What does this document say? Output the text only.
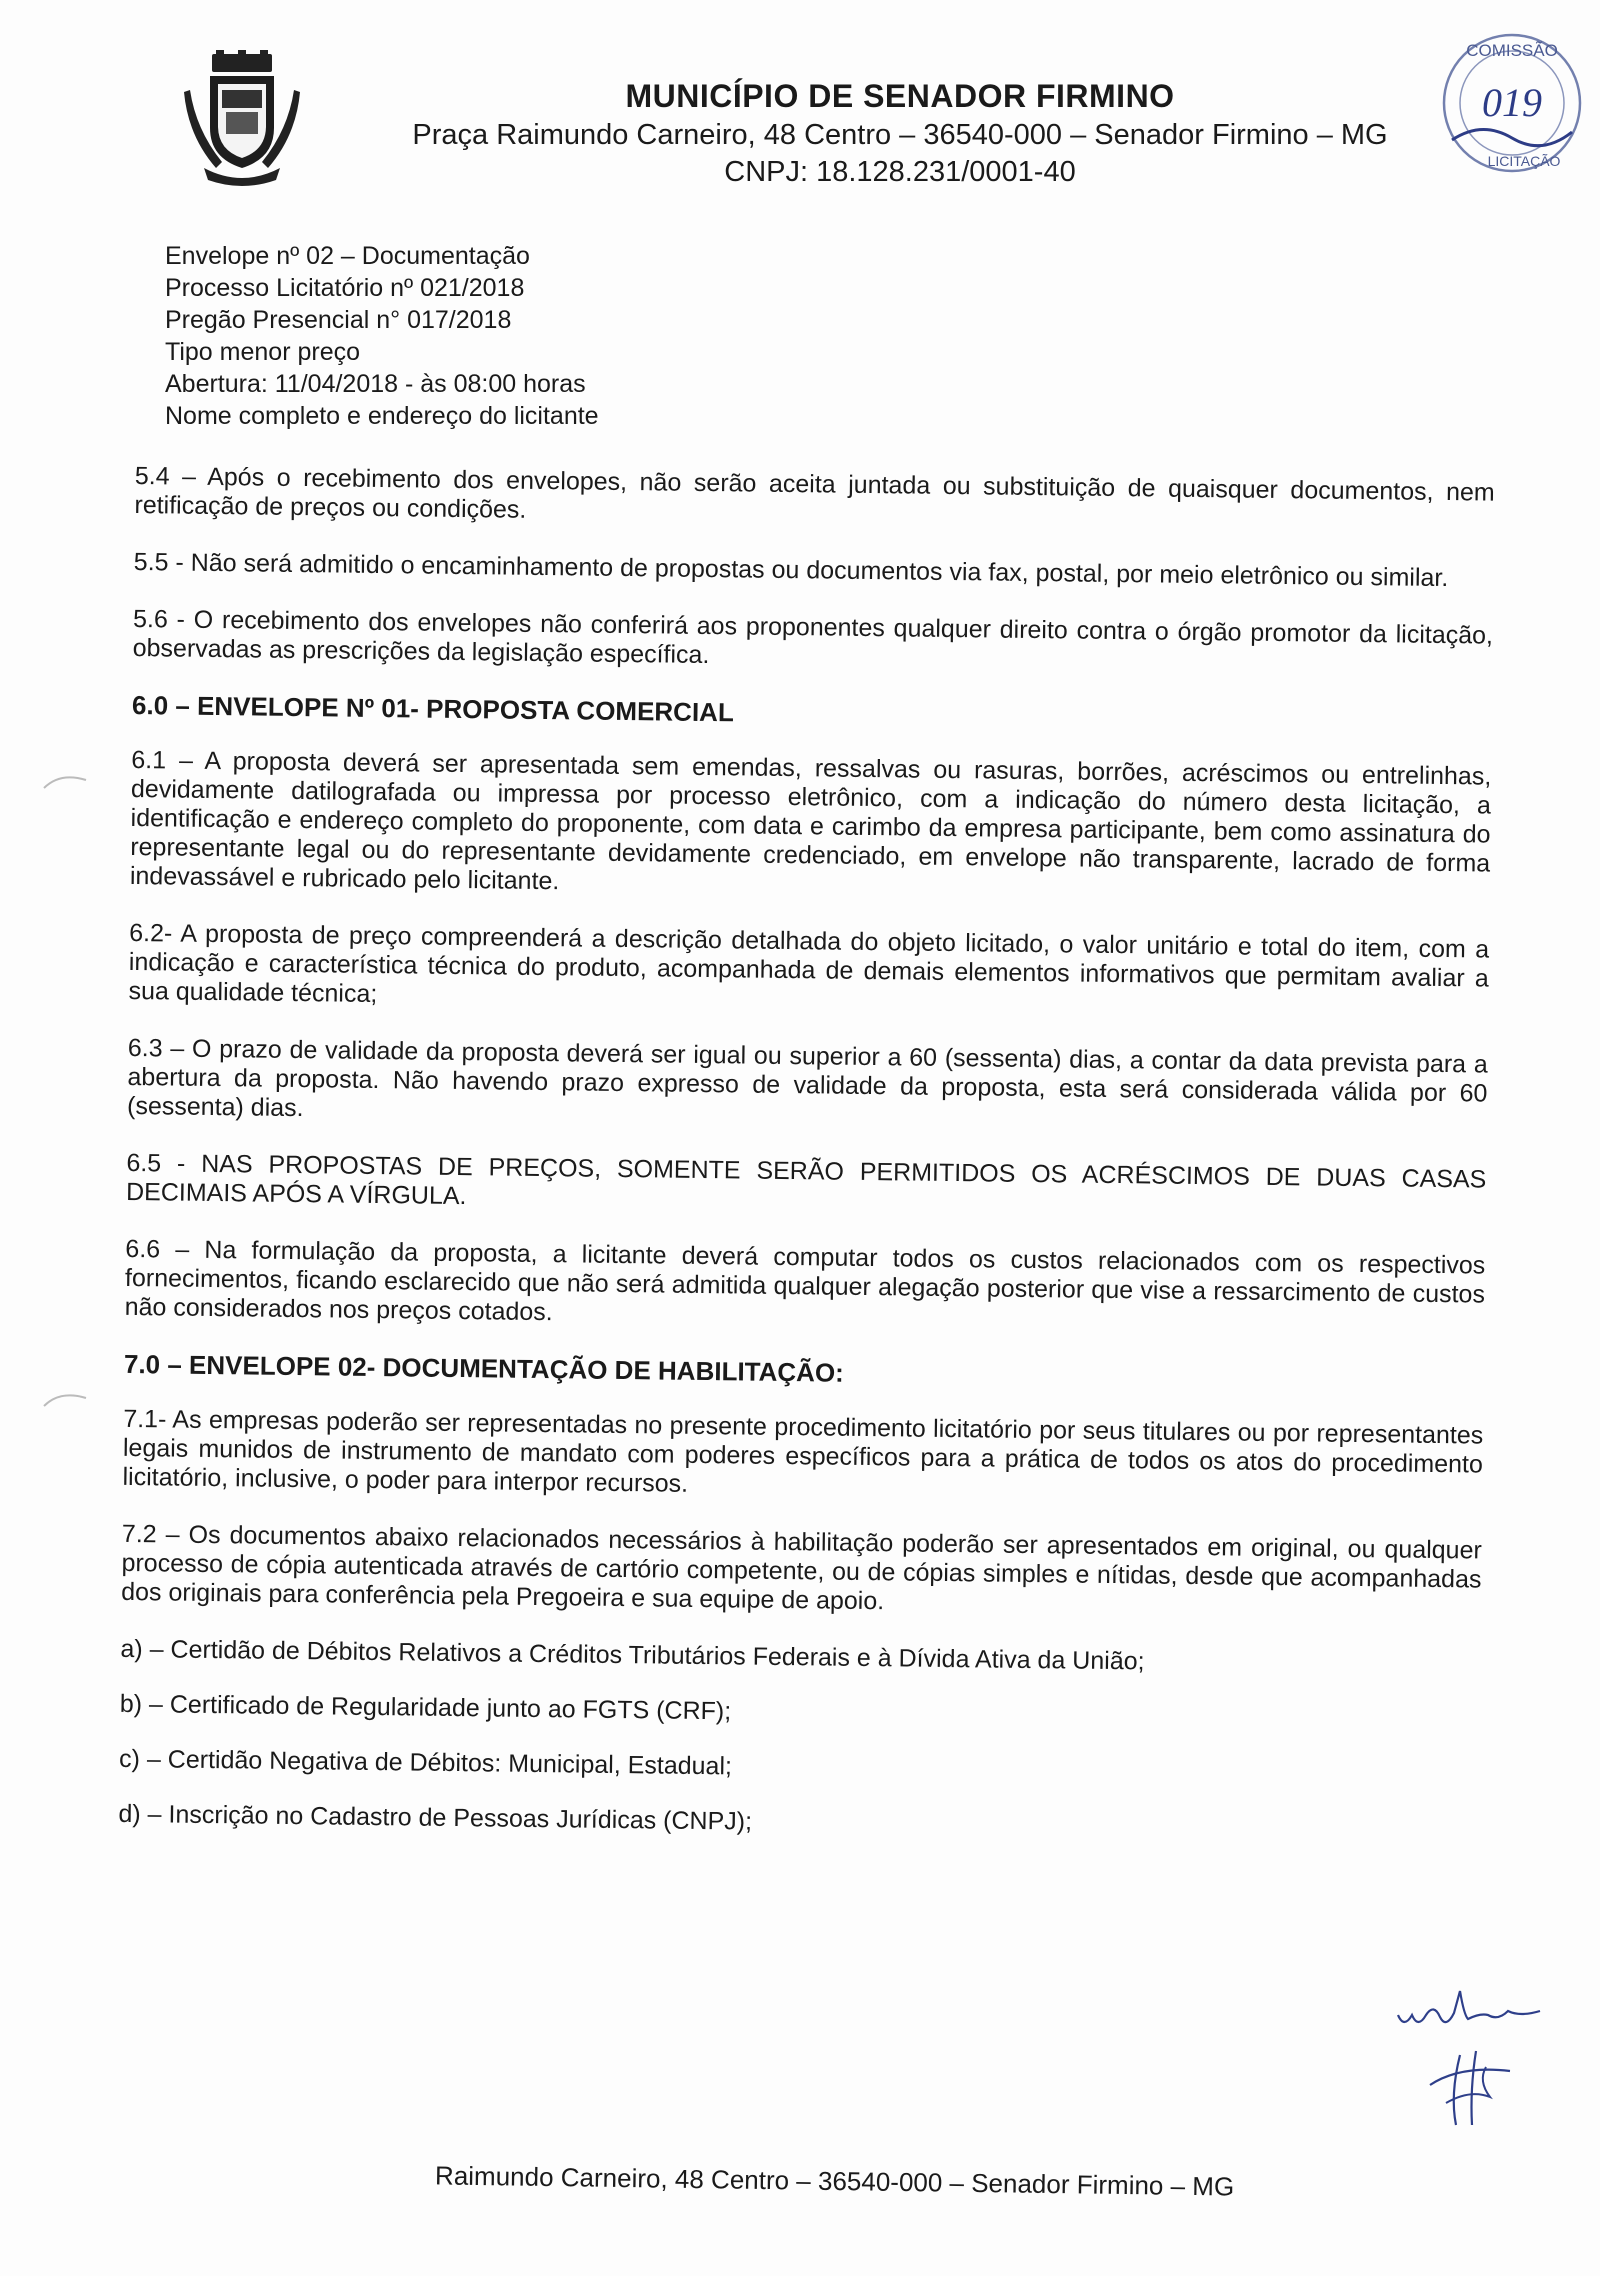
MUNICÍPIO DE SENADOR FIRMINO
Praça Raimundo Carneiro, 48 Centro – 36540-000 – Senador Firmino – MG
CNPJ: 18.128.231/0001-40
COMISSÃO
019
LICITAÇÃO
Envelope nº 02 – Documentação
Processo Licitatório nº 021/2018
Pregão Presencial n° 017/2018
Tipo menor preço
Abertura: 11/04/2018 - às 08:00 horas
Nome completo e endereço do licitante

5.4 – Após o recebimento dos envelopes, não serão aceita juntada ou substituição de quaisquer documentos, nem retificação de preços ou condições.

5.5 - Não será admitido o encaminhamento de propostas ou documentos via fax, postal, por meio eletrônico ou similar.

5.6 - O recebimento dos envelopes não conferirá aos proponentes qualquer direito contra o órgão promotor da licitação, observadas as prescrições da legislação específica.

6.0 – ENVELOPE Nº 01- PROPOSTA COMERCIAL

6.1 – A proposta deverá ser apresentada sem emendas, ressalvas ou rasuras, borrões, acréscimos ou entrelinhas, devidamente datilografada ou impressa por processo eletrônico, com a indicação do número desta licitação, a identificação e endereço completo do proponente, com data e carimbo da empresa participante, bem como assinatura do representante legal ou do representante devidamente credenciado, em envelope não transparente, lacrado de forma indevassável e rubricado pelo licitante.

6.2- A proposta de preço compreenderá a descrição detalhada do objeto licitado, o valor unitário e total do item, com a indicação e característica técnica do produto, acompanhada de demais elementos informativos que permitam avaliar a sua qualidade técnica;

6.3 – O prazo de validade da proposta deverá ser igual ou superior a 60 (sessenta) dias, a contar da data prevista para a abertura da proposta. Não havendo prazo expresso de validade da proposta, esta será considerada válida por 60 (sessenta) dias.

6.5 - NAS PROPOSTAS DE PREÇOS, SOMENTE SERÃO PERMITIDOS OS ACRÉSCIMOS DE DUAS CASAS DECIMAIS APÓS A VÍRGULA.

6.6 – Na formulação da proposta, a licitante deverá computar todos os custos relacionados com os respectivos fornecimentos, ficando esclarecido que não será admitida qualquer alegação posterior que vise a ressarcimento de custos não considerados nos preços cotados.

7.0 – ENVELOPE 02- DOCUMENTAÇÃO DE HABILITAÇÃO:

7.1- As empresas poderão ser representadas no presente procedimento licitatório por seus titulares ou por representantes legais munidos de instrumento de mandato com poderes específicos para a prática de todos os atos do procedimento licitatório, inclusive, o poder para interpor recursos.

7.2 – Os documentos abaixo relacionados necessários à habilitação poderão ser apresentados em original, ou qualquer processo de cópia autenticada através de cartório competente, ou de cópias simples e nítidas, desde que acompanhadas dos originais para conferência pela Pregoeira e sua equipe de apoio.

a) – Certidão de Débitos Relativos a Créditos Tributários Federais e à Dívida Ativa da União;
b) – Certificado de Regularidade junto ao FGTS (CRF);
c) – Certidão Negativa de Débitos: Municipal, Estadual;
d) – Inscrição no Cadastro de Pessoas Jurídicas (CNPJ);
Raimundo Carneiro, 48 Centro – 36540-000 – Senador Firmino – MG
